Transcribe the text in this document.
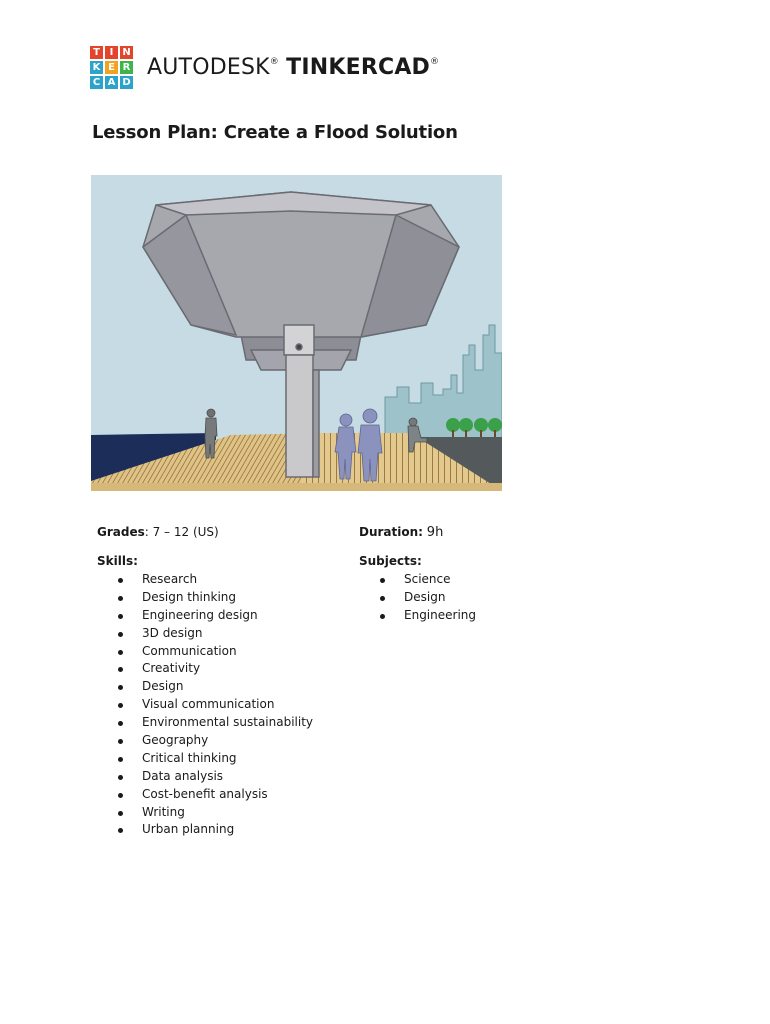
T I N
K E R
C A D
AUTODESK® TINKERCAD®
Lesson Plan: Create a Flood Solution
Grades: 7 – 12 (US)	Duration: 9h
Skills:
Research
Design thinking
Engineering design
3D design
Communication
Creativity
Design
Visual communication
Environmental sustainability
Geography
Critical thinking
Data analysis
Cost-benefit analysis
Writing
Urban planning
Subjects:
Science
Design
Engineering
